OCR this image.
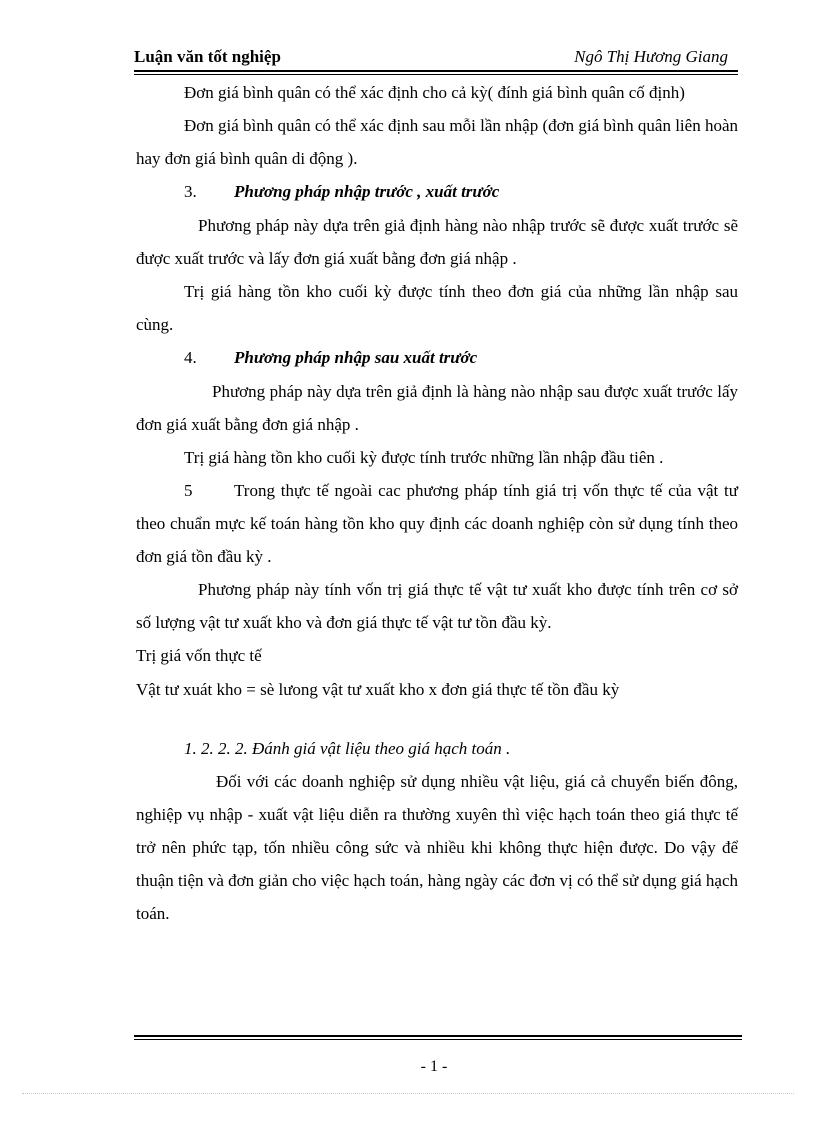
Luận văn tốt nghiệp	Ngô Thị Hương Giang

Đơn giá bình quân có thể xác định cho cả kỳ( đính giá bình quân cố định)

Đơn giá bình quân có thể xác định sau mỗi lần nhập (đơn giá bình quân liên hoàn hay đơn giá bình quân di động ).

3. Phương pháp nhập trước , xuất trước

Phương pháp này dựa trên giả định hàng nào nhập trước sẽ được xuất trước sẽ được xuất trước và lấy đơn giá xuất bằng đơn giá nhập .

Trị giá hàng tồn kho cuối kỳ được tính theo đơn giá của những lần nhập sau cùng.

4. Phương pháp nhập sau xuất trước

Phương pháp này dựa trên giả định là hàng nào nhập sau được xuất trước lấy đơn giá xuất bằng đơn giá nhập .

Trị giá hàng tồn kho cuối kỳ được tính trước những lần nhập đầu tiên .

5 Trong thực tế ngoài cac phương pháp tính giá trị vốn thực tế của vật tư theo chuẩn mực kế toán hàng tồn kho quy định các doanh nghiệp còn sử dụng tính theo đơn giá tồn đầu kỳ .

Phương pháp này tính vốn trị giá thực tế vật tư xuất kho được tính trên cơ sở số lượng vật tư xuất kho và đơn giá thực tế vật tư tồn đầu kỳ.

Trị giá vốn thực tế

Vật tư xuát kho = sè lưong vật tư xuất kho x đơn giá thực tế tồn đầu kỳ

1. 2. 2. 2. Đánh giá vật liệu theo giá hạch toán .

Đối với các doanh nghiệp sử dụng nhiều vật liệu, giá cả chuyển biến đông, nghiệp vụ nhập - xuất vật liệu diễn ra thường xuyên thì việc hạch toán theo giá thực tế trở nên phức tạp, tốn nhiều công sức và nhiều khi không thực hiện được. Do vậy để thuận tiện và đơn giản cho việc hạch toán, hàng ngày các đơn vị có thể sử dụng giá hạch toán.

- 1 -
